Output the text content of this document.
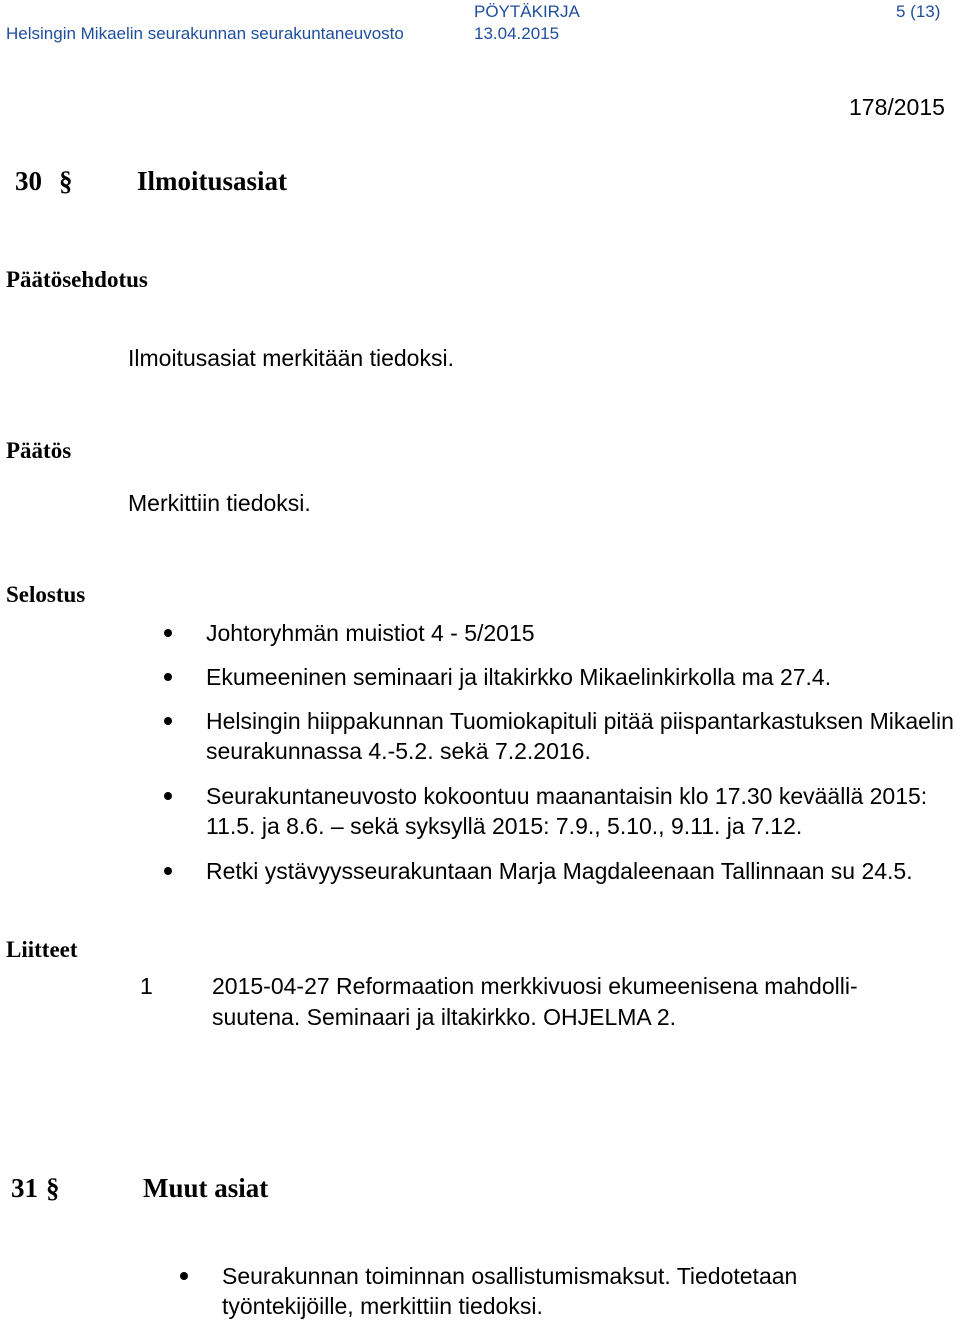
Helsingin Mikaelin seurakunnan seurakuntaneuvosto
PÖYTÄKIRJA
13.04.2015
5 (13)
178/2015
30 § Ilmoitusasiat
Päätösehdotus
Ilmoitusasiat merkitään tiedoksi.
Päätös
Merkittiin tiedoksi.
Selostus
Johtoryhmän muistiot 4 - 5/2015
Ekumeeninen seminaari ja iltakirkko Mikaelinkirkolla ma 27.4.
Helsingin hiippakunnan Tuomiokapituli pitää piispantarkastuksen Mikaelin seurakunnassa 4.-5.2. sekä 7.2.2016.
Seurakuntaneuvosto kokoontuu maanantaisin klo 17.30 keväällä 2015: 11.5. ja 8.6. – sekä syksyllä 2015: 7.9., 5.10., 9.11. ja 7.12.
Retki ystävyysseurakuntaan Marja Magdaleenaan Tallinnaan su 24.5.
Liitteet
1	2015-04-27 Reformaation merkkivuosi ekumeenisena mahdolli-
suutena. Seminaari ja iltakirkko. OHJELMA 2.
31 §	Muut asiat
Seurakunnan toiminnan osallistumismaksut. Tiedotetaan työntekijöille, merkittiin tiedoksi.
